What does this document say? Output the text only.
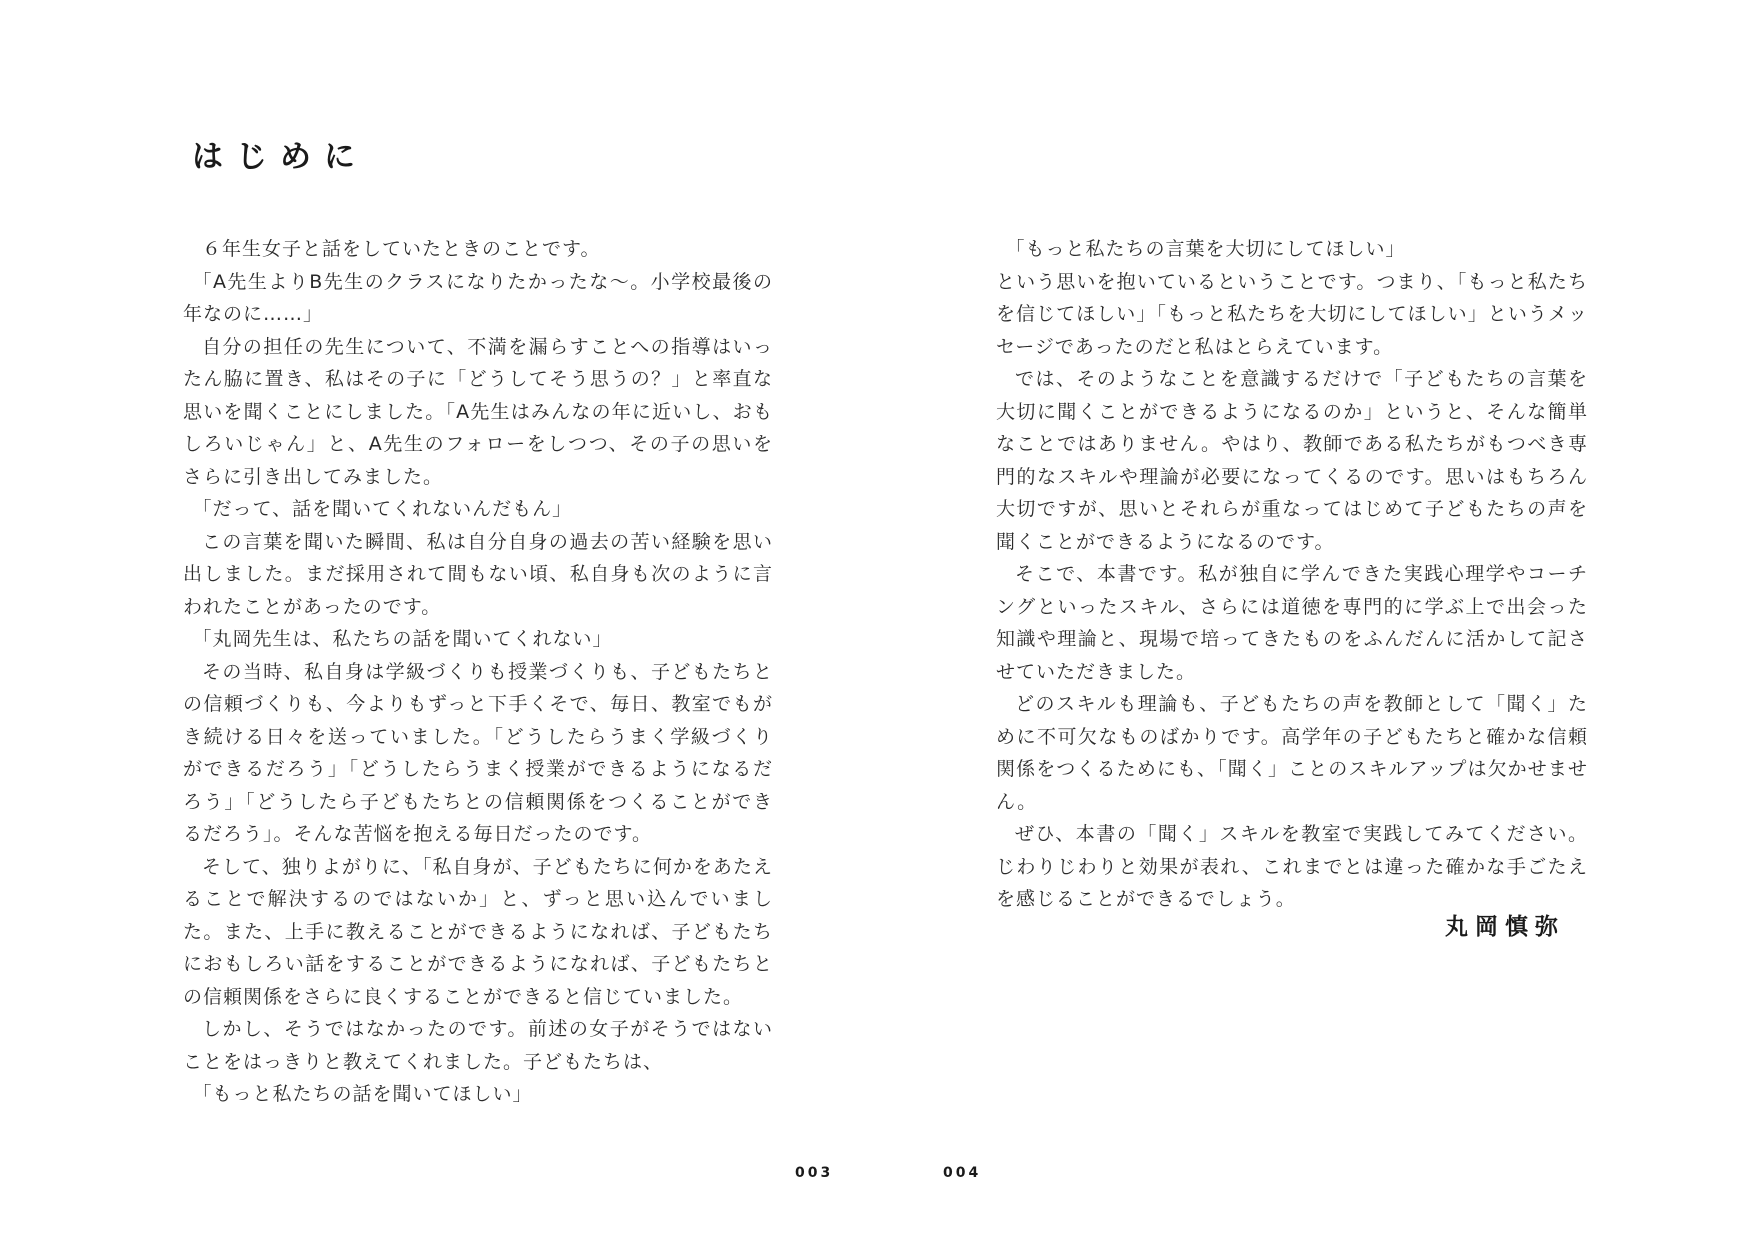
はじめに

６年生女子と話をしていたときのことです。

「A先生よりB先生のクラスになりたかったな〜。小学校最後の年なのに……」

自分の担任の先生について、不満を漏らすことへの指導はいったん脇に置き、私はその子に「どうしてそう思うの？」と率直な思いを聞くことにしました。「A先生はみんなの年に近いし、おもしろいじゃん」と、A先生のフォローをしつつ、その子の思いをさらに引き出してみました。

「だって、話を聞いてくれないんだもん」

この言葉を聞いた瞬間、私は自分自身の過去の苦い経験を思い出しました。まだ採用されて間もない頃、私自身も次のように言われたことがあったのです。

「丸岡先生は、私たちの話を聞いてくれない」

その当時、私自身は学級づくりも授業づくりも、子どもたちとの信頼づくりも、今よりもずっと下手くそで、毎日、教室でもがき続ける日々を送っていました。「どうしたらうまく学級づくりができるだろう」「どうしたらうまく授業ができるようになるだろう」「どうしたら子どもたちとの信頼関係をつくることができるだろう」。そんな苦悩を抱える毎日だったのです。

そして、独りよがりに、「私自身が、子どもたちに何かをあたえることで解決するのではないか」と、ずっと思い込んでいました。また、上手に教えることができるようになれば、子どもたちにおもしろい話をすることができるようになれば、子どもたちとの信頼関係をさらに良くすることができると信じていました。

しかし、そうではなかったのです。前述の女子がそうではないことをはっきりと教えてくれました。子どもたちは、

「もっと私たちの話を聞いてほしい」

「もっと私たちの言葉を大切にしてほしい」

という思いを抱いているということです。つまり、「もっと私たちを信じてほしい」「もっと私たちを大切にしてほしい」というメッセージであったのだと私はとらえています。

では、そのようなことを意識するだけで「子どもたちの言葉を大切に聞くことができるようになるのか」というと、そんな簡単なことではありません。やはり、教師である私たちがもつべき専門的なスキルや理論が必要になってくるのです。思いはもちろん大切ですが、思いとそれらが重なってはじめて子どもたちの声を聞くことができるようになるのです。

そこで、本書です。私が独自に学んできた実践心理学やコーチングといったスキル、さらには道徳を専門的に学ぶ上で出会った知識や理論と、現場で培ってきたものをふんだんに活かして記させていただきました。

どのスキルも理論も、子どもたちの声を教師として「聞く」ために不可欠なものばかりです。高学年の子どもたちと確かな信頼関係をつくるためにも、「聞く」ことのスキルアップは欠かせません。

ぜひ、本書の「聞く」スキルを教室で実践してみてください。じわりじわりと効果が表れ、これまでとは違った確かな手ごたえを感じることができるでしょう。

丸岡慎弥
003	004
